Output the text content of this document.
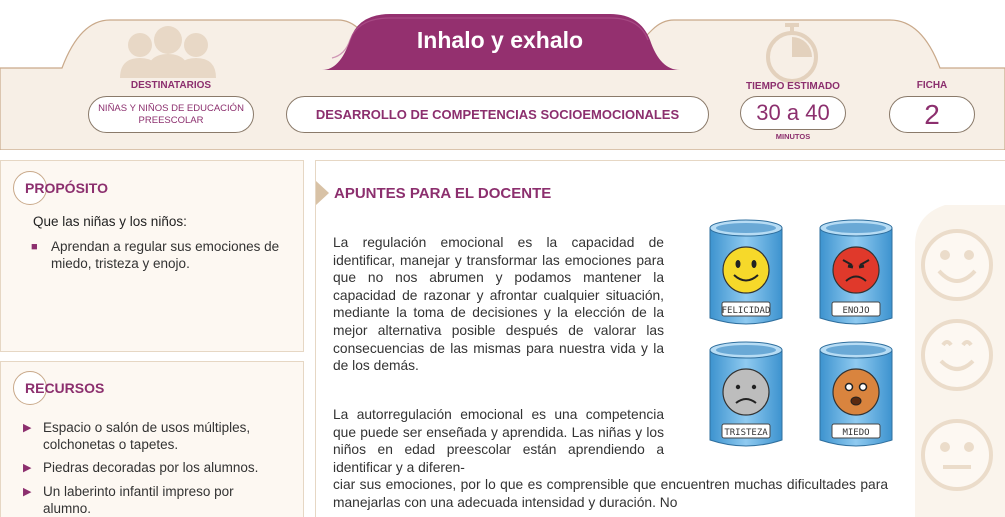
Inhalo y exhalo
DESTINATARIOS
NIÑAS Y NIÑOS DE EDUCACIÓN PREESCOLAR	DESARROLLO DE COMPETENCIAS SOCIOEMOCIONALES
TIEMPO ESTIMADO
30 a 40
MINUTOS
FICHA
2
PROPÓSITO
Que las niñas y los niños:
■ Aprendan a regular sus emociones de miedo, tristeza y enojo.
RECURSOS
▶ Espacio o salón de usos múltiples, colchonetas o tapetes.
▶ Piedras decoradas por los alumnos.
▶ Un laberinto infantil impreso por alumno.
APUNTES PARA EL DOCENTE
La regulación emocional es la capacidad de identificar, manejar y transformar las emociones para que no nos abrumen y podamos mantener la capacidad de razonar y afrontar cualquier situación, mediante la toma de decisiones y la elección de la mejor alternativa posible después de valorar las consecuencias de las mismas para nuestra vida y la de los demás.
La autorregulación emocional es una competencia que puede ser enseñada y aprendida. Las niñas y los niños en edad preescolar están aprendiendo a identificar y a diferen-
ciar sus emociones, por lo que es comprensible que encuentren muchas dificultades para manejarlas con una adecuada intensidad y duración. No
FELICIDAD	ENOJO
TRISTEZA	MIEDO
